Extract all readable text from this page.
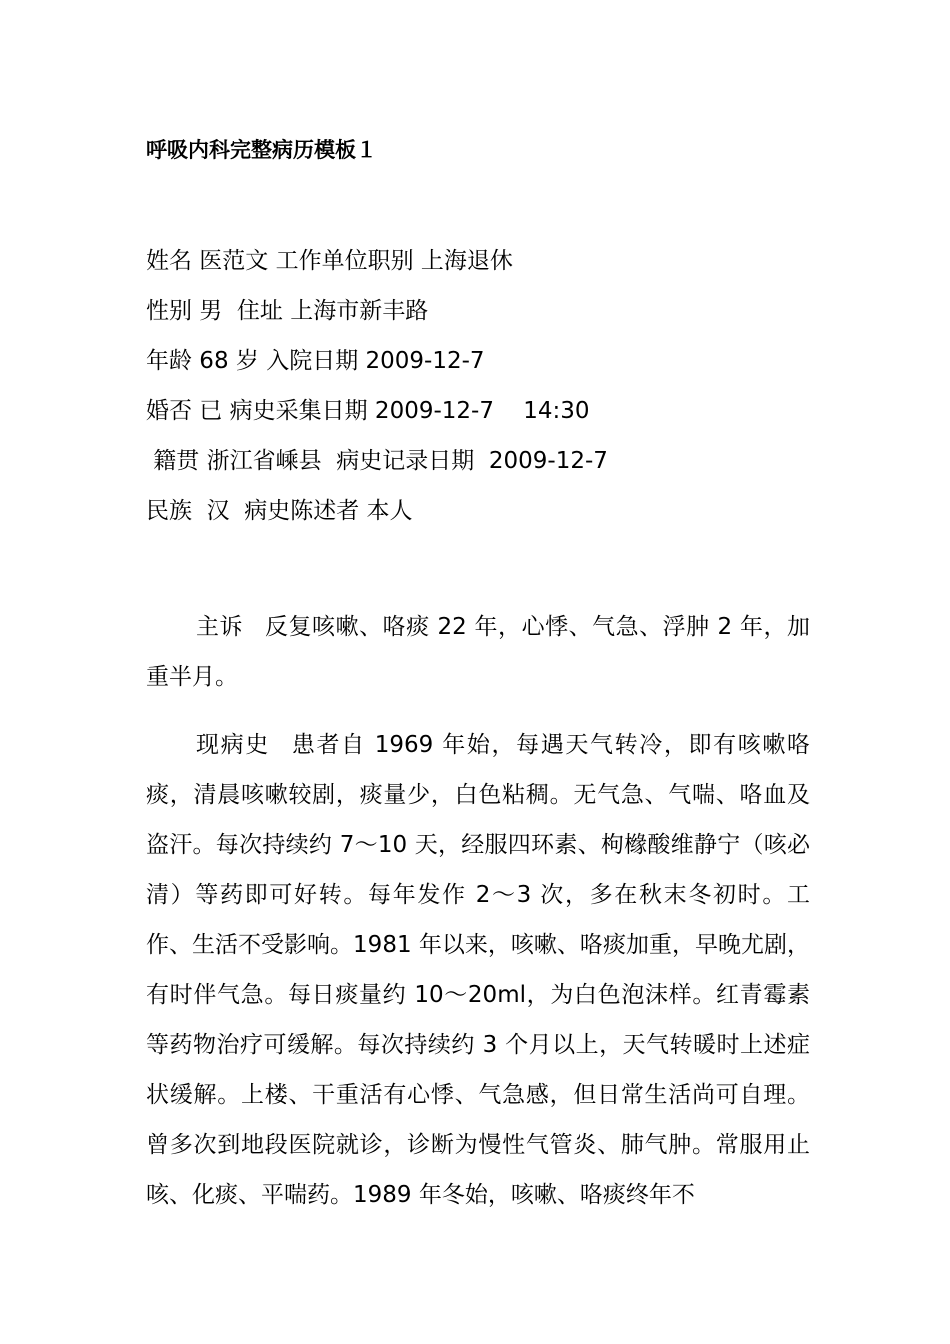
呼吸内科完整病历模板１
姓名 医范文 工作单位职别 上海退休
性别 男  住址 上海市新丰路
年龄 68 岁 入院日期 2009-12-7
婚否 已 病史采集日期 2009-12-7    14:30
籍贯 浙江省嵊县  病史记录日期  2009-12-7
民族  汉  病史陈述者 本人

主诉 反复咳嗽、咯痰 22 年，心悸、气急、浮肿 2 年，加重半月。

现病史 患者自 1969 年始，每遇天气转冷，即有咳嗽咯痰，清晨咳嗽较剧，痰量少，白色粘稠。无气急、气喘、咯血及盗汗。每次持续约 7～10 天，经服四环素、枸橼酸维静宁（咳必清）等药即可好转。每年发作 2～3 次，多在秋末冬初时。工作、生活不受影响。1981 年以来，咳嗽、咯痰加重，早晚尤剧，有时伴气急。每日痰量约 10～20ml，为白色泡沫样。红青霉素等药物治疗可缓解。每次持续约 3 个月以上，天气转暖时上述症状缓解。上楼、干重活有心悸、气急感，但日常生活尚可自理。曾多次到地段医院就诊，诊断为慢性气管炎、肺气肿。常服用止咳、化痰、平喘药。1989 年冬始，咳嗽、咯痰终年不
